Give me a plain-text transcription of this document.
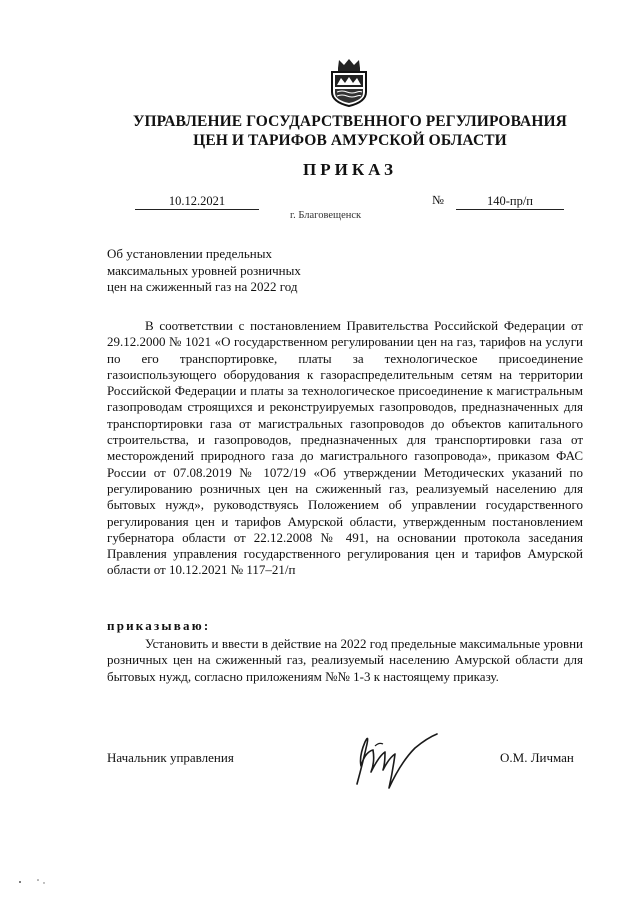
УПРАВЛЕНИЕ ГОСУДАРСТВЕННОГО РЕГУЛИРОВАНИЯ
ЦЕН И ТАРИФОВ АМУРСКОЙ ОБЛАСТИ
ПРИКАЗ
10.12.2021	№	140-пр/п
г. Благовещенск
Об установлении предельных
максимальных уровней розничных
цен на сжиженный газ на 2022 год
В соответствии с постановлением Правительства Российской Федерации от 29.12.2000 № 1021 «О государственном регулировании цен на газ, тарифов на услуги по его транспортировке, платы за технологическое присоединение газоиспользующего оборудования к газораспределительным сетям на территории Российской Федерации и платы за технологическое присоединение к магистральным газопроводам строящихся и реконструируемых газопроводов, предназначенных для транспортировки газа от магистральных газопроводов до объектов капитального строительства, и газопроводов, предназначенных для транспортировки газа от месторождений природного газа до магистрального газопровода», приказом ФАС России от 07.08.2019 № 1072/19 «Об утверждении Методических указаний по регулированию розничных цен на сжиженный газ, реализуемый населению для бытовых нужд», руководствуясь Положением об управлении государственного регулирования цен и тарифов Амурской области, утвержденным постановлением губернатора области от 22.12.2008 № 491, на основании протокола заседания Правления управления государственного регулирования цен и тарифов Амурской области от 10.12.2021 № 117–21/п
приказываю:
Установить и ввести в действие на 2022 год предельные максимальные уровни розничных цен на сжиженный газ, реализуемый населению Амурской области для бытовых нужд, согласно приложениям №№ 1-3 к настоящему приказу.
Начальник управления	О.М. Личман
